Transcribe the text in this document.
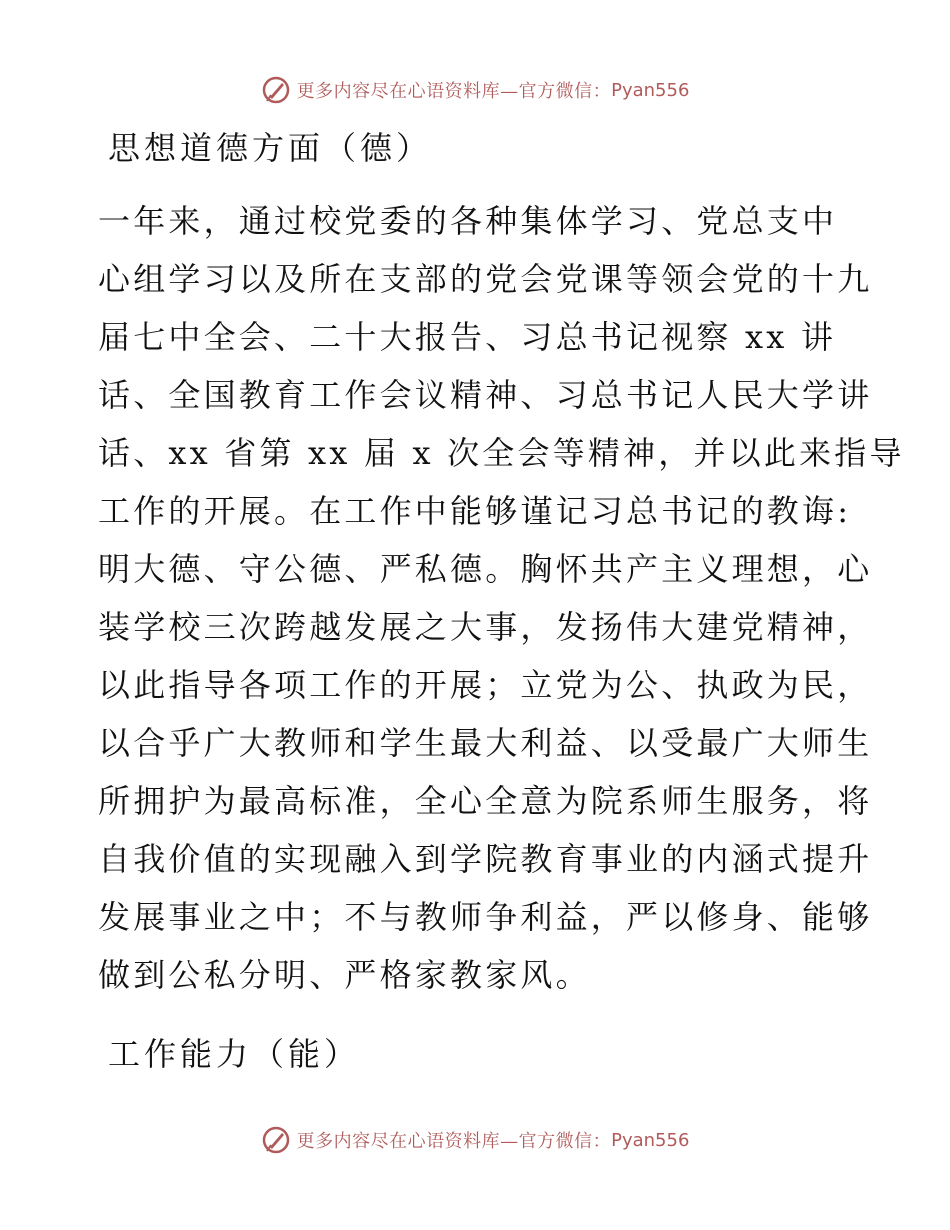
更多内容尽在心语资料库—官方微信： Pyan556
思想道德方面（德）
一年来，通过校党委的各种集体学习、党总支中
心组学习以及所在支部的党会党课等领会党的十九
届七中全会、二十大报告、习总书记视察 xx 讲
话、全国教育工作会议精神、习总书记人民大学讲
话、xx 省第 xx 届 x 次全会等精神，并以此来指导
工作的开展。在工作中能够谨记习总书记的教诲:
明大德、守公德、严私德。胸怀共产主义理想，心
装学校三次跨越发展之大事，发扬伟大建党精神，
以此指导各项工作的开展；立党为公、执政为民，
以合乎广大教师和学生最大利益、以受最广大师生
所拥护为最高标准，全心全意为院系师生服务，将
自我价值的实现融入到学院教育事业的内涵式提升
发展事业之中；不与教师争利益，严以修身、能够
做到公私分明、严格家教家风。
工作能力（能）
更多内容尽在心语资料库—官方微信： Pyan556
